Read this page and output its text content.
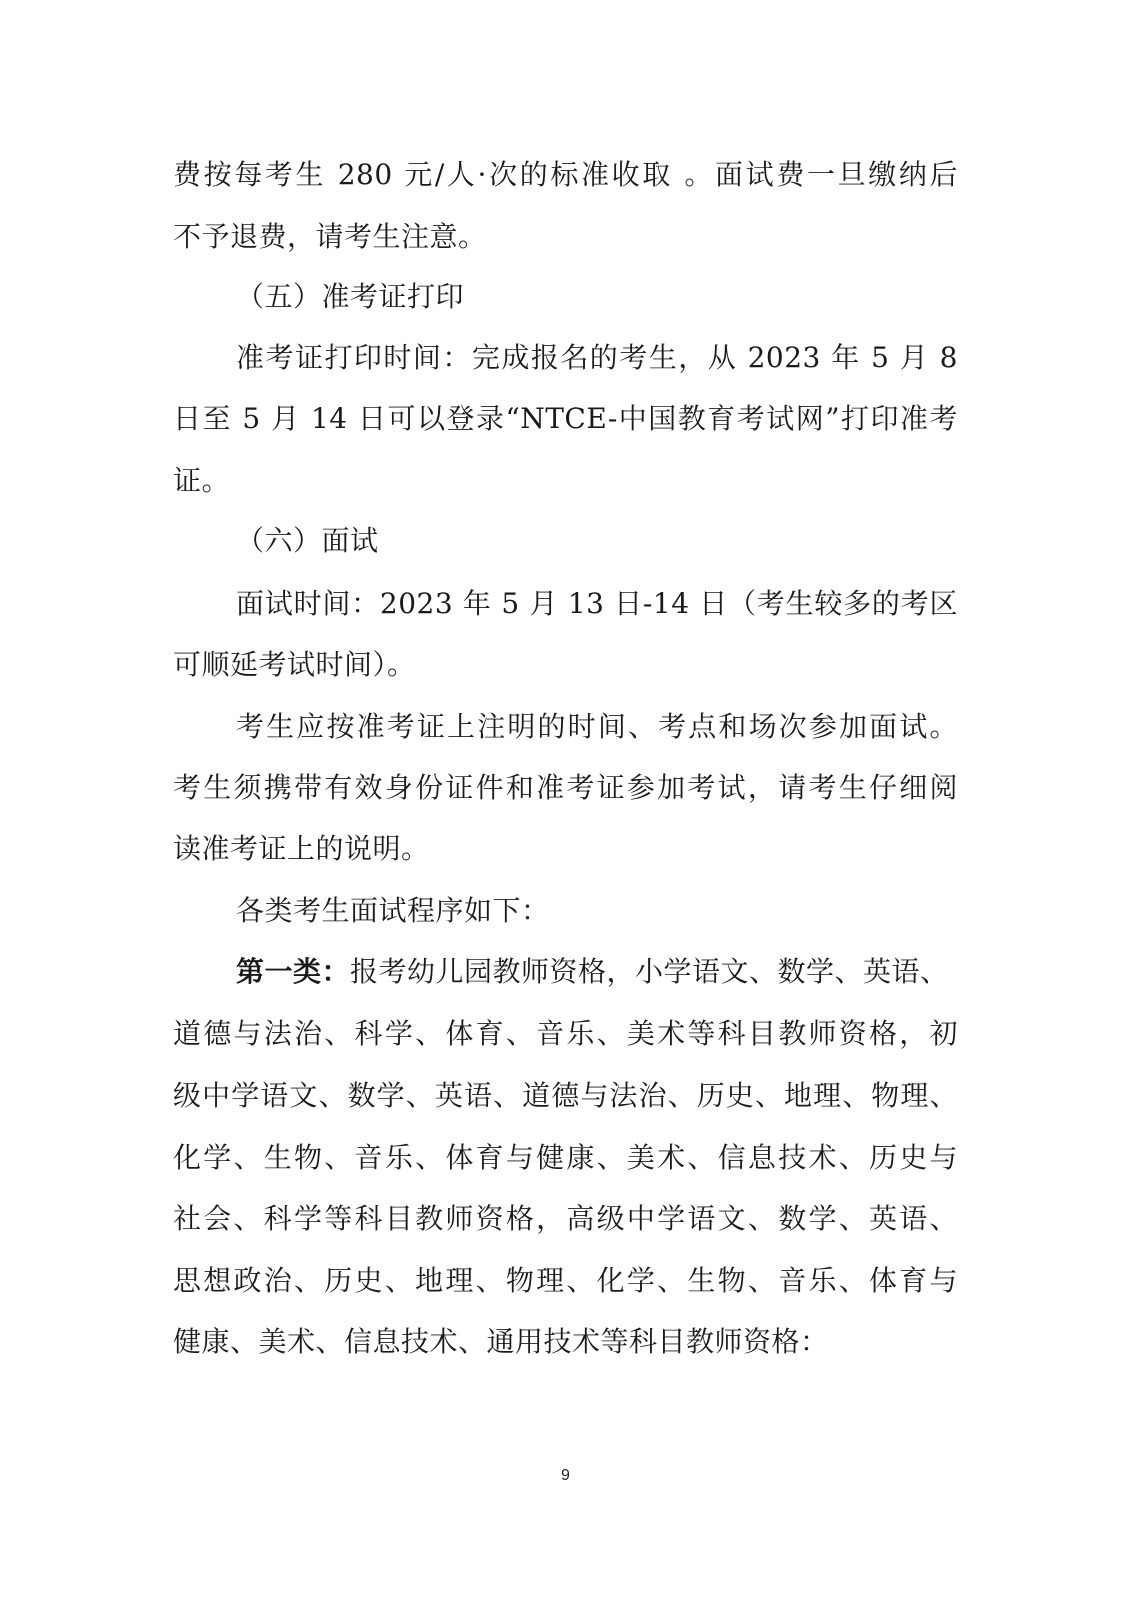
费按每考生 280 元/人·次的标准收取 。面试费一旦缴纳后
不予退费，请考生注意。
（五）准考证打印
准考证打印时间：完成报名的考生，从 2023 年 5 月 8
日至 5 月 14 日可以登录“NTCE-中国教育考试网”打印准考
证。
（六）面试
面试时间：2023 年 5 月 13 日-14 日（考生较多的考区
可顺延考试时间）。
考生应按准考证上注明的时间、考点和场次参加面试。
考生须携带有效身份证件和准考证参加考试，请考生仔细阅
读准考证上的说明。
各类考生面试程序如下：
第一类：报考幼儿园教师资格，小学语文、数学、英语、
道德与法治、科学、体育、音乐、美术等科目教师资格，初
级中学语文、数学、英语、道德与法治、历史、地理、物理、
化学、生物、音乐、体育与健康、美术、信息技术、历史与
社会、科学等科目教师资格，高级中学语文、数学、英语、
思想政治、历史、地理、物理、化学、生物、音乐、体育与
健康、美术、信息技术、通用技术等科目教师资格：
9
